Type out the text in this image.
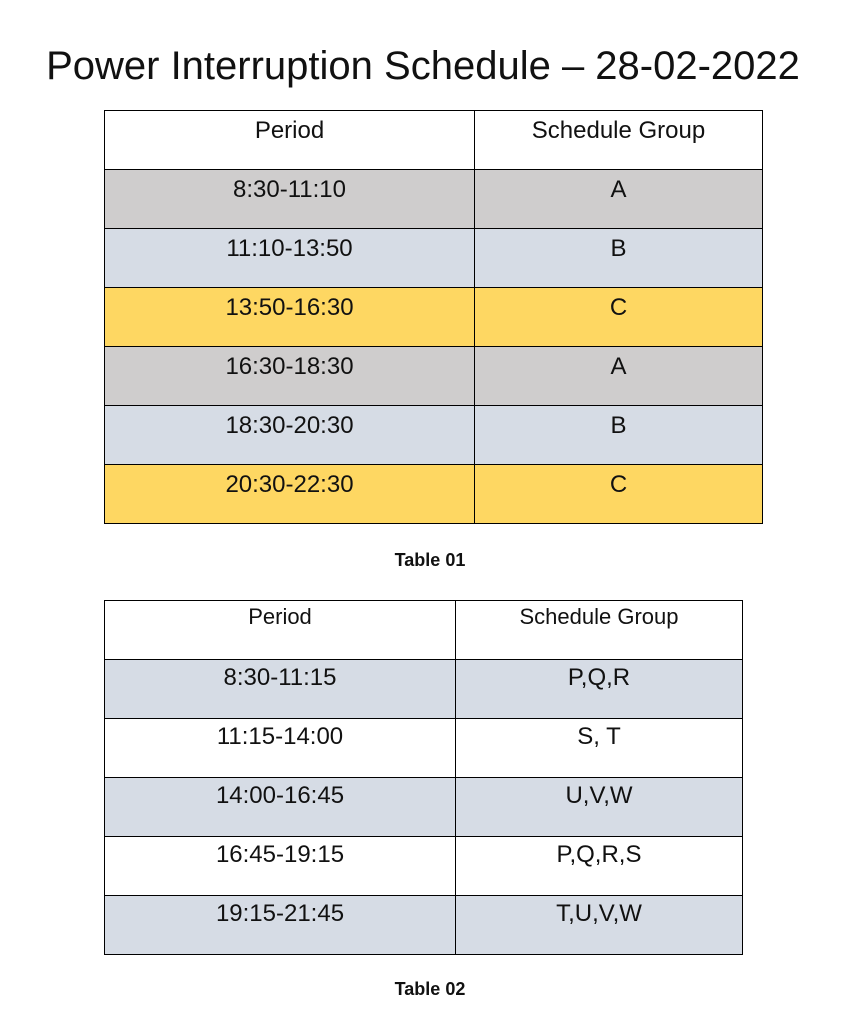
Power Interruption Schedule – 28-02-2022
Period	Schedule Group
8:30-11:10	A
11:10-13:50	B
13:50-16:30	C
16:30-18:30	A
18:30-20:30	B
20:30-22:30	C

Table 01

Period	Schedule Group
8:30-11:15	P,Q,R
11:15-14:00	S, T
14:00-16:45	U,V,W
16:45-19:15	P,Q,R,S
19:15-21:45	T,U,V,W

Table 02
